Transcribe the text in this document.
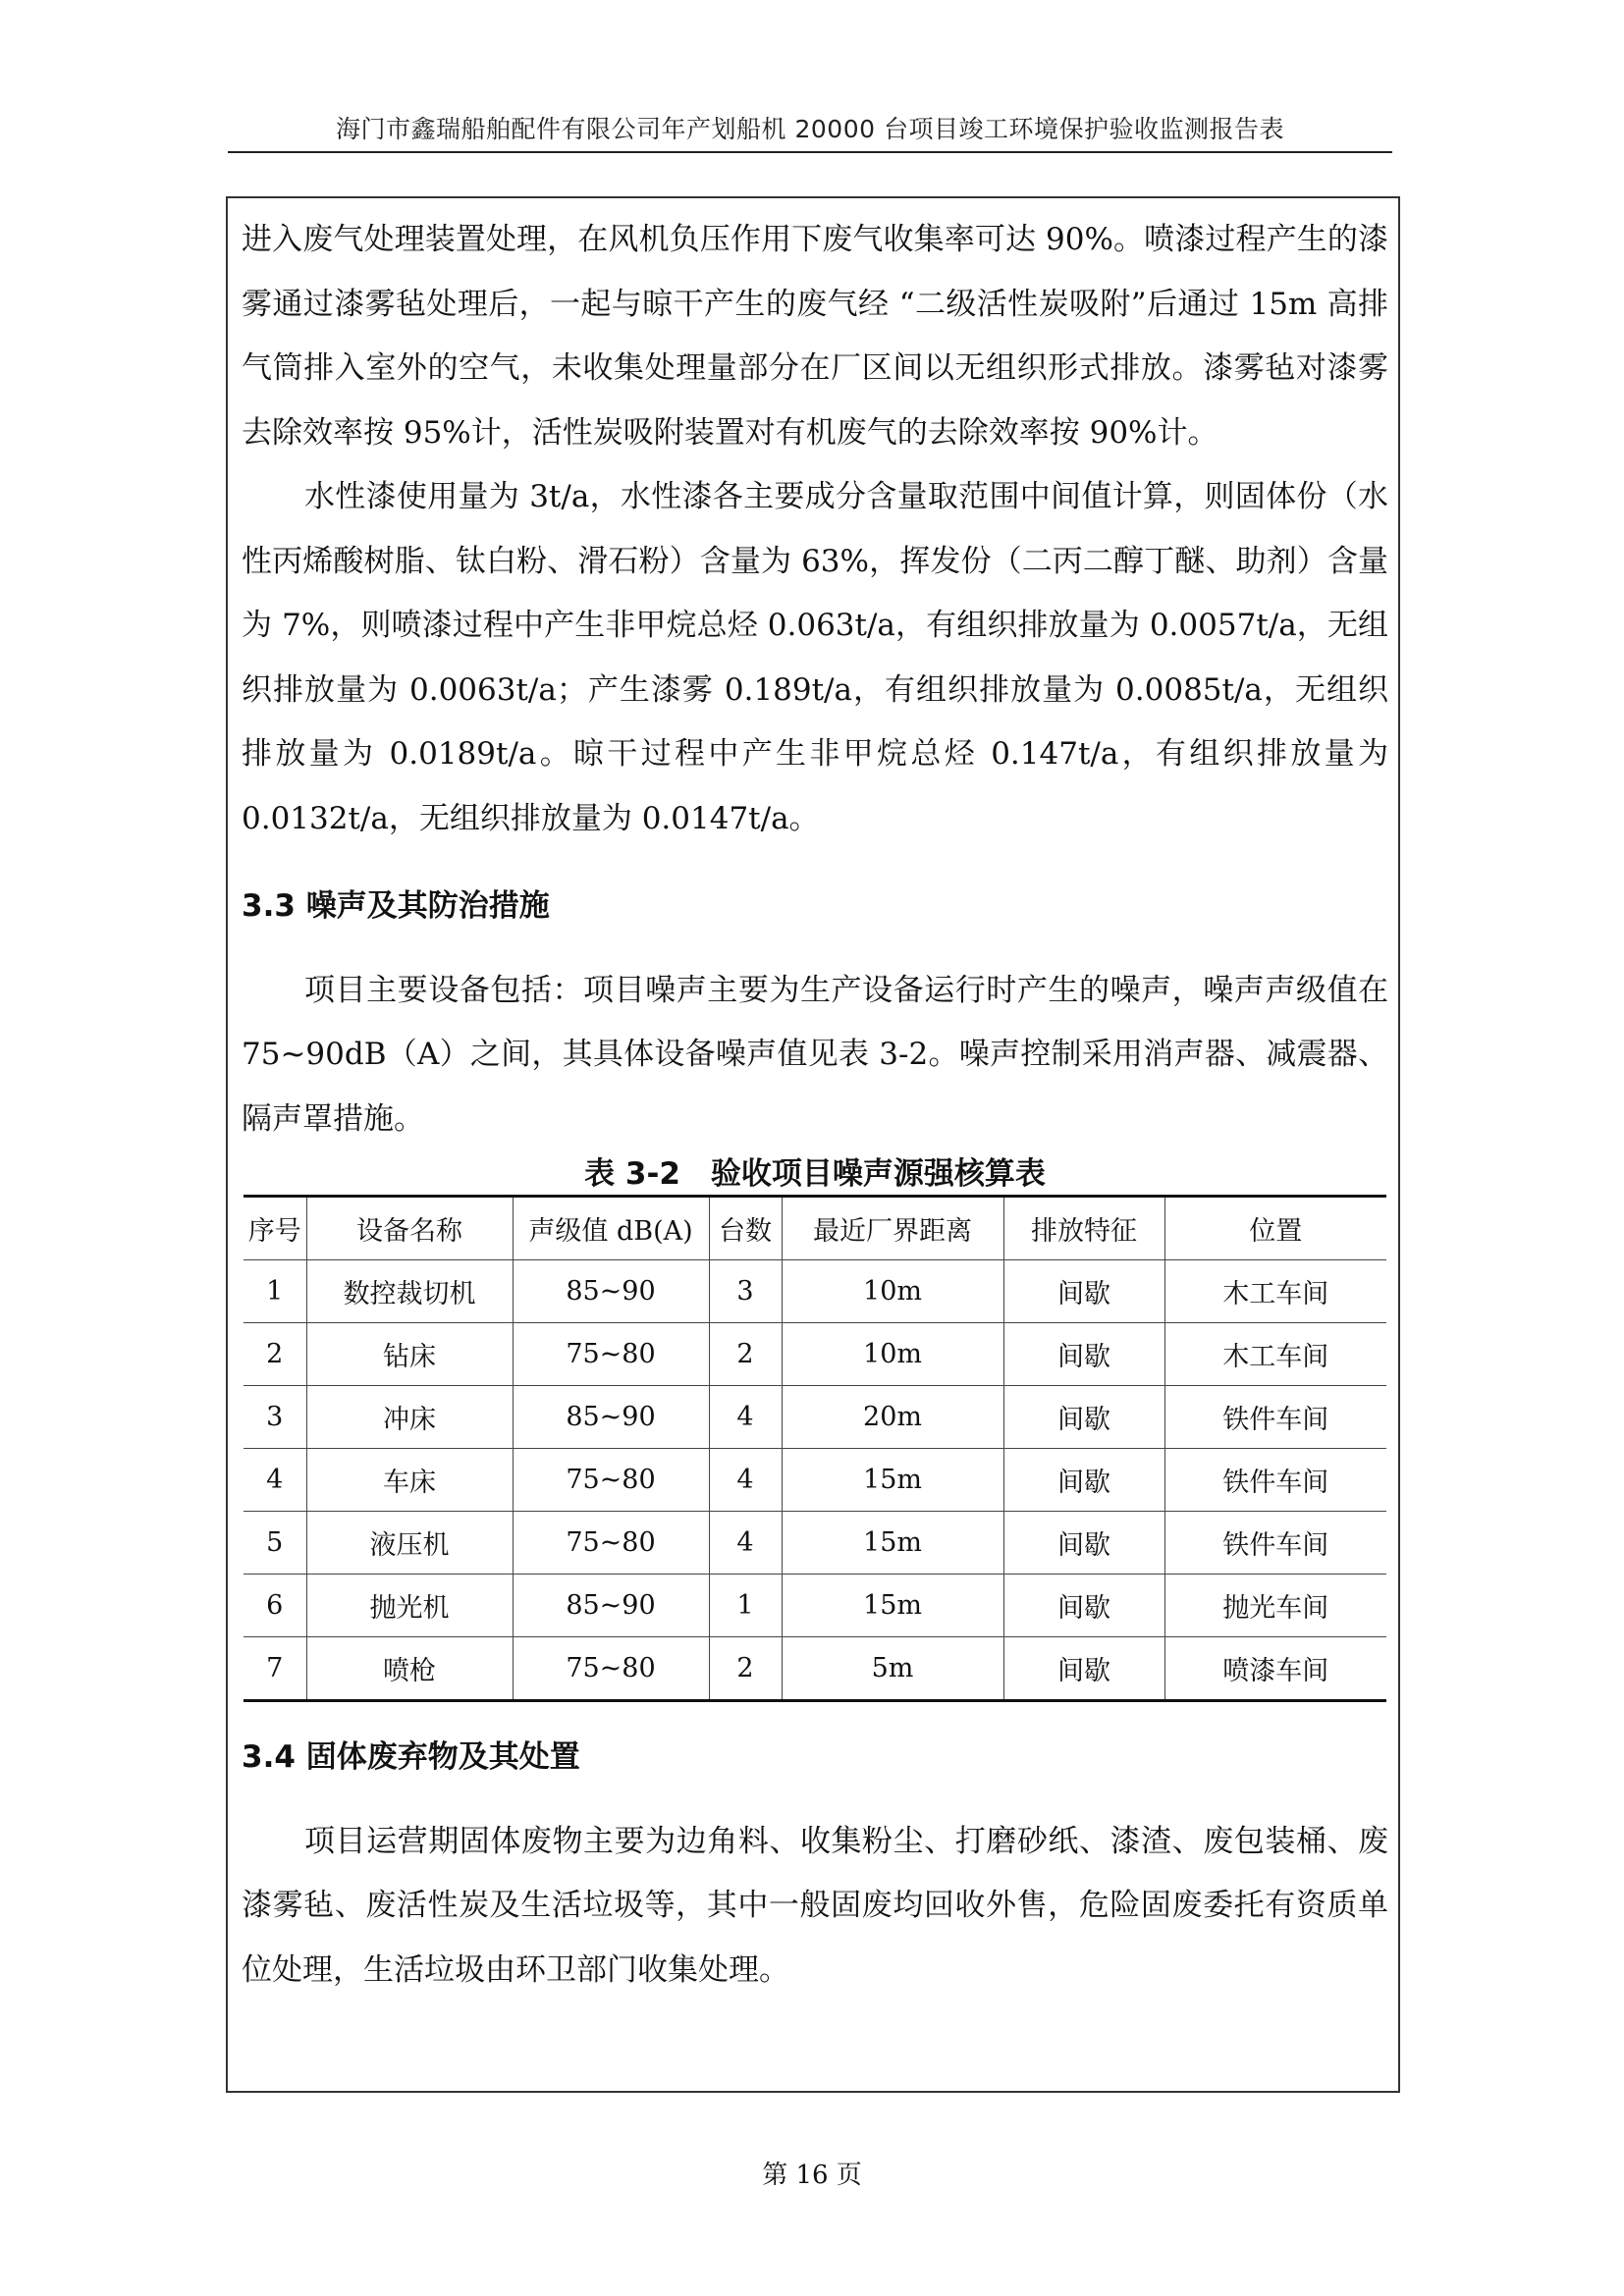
海门市鑫瑞船舶配件有限公司年产划船机 20000 台项目竣工环境保护验收监测报告表

进入废气处理装置处理，在风机负压作用下废气收集率可达 90%。喷漆过程产生的漆雾通过漆雾毡处理后，一起与晾干产生的废气经 “二级活性炭吸附”后通过 15m 高排气筒排入室外的空气，未收集处理量部分在厂区间以无组织形式排放。漆雾毡对漆雾去除效率按 95%计，活性炭吸附装置对有机废气的去除效率按 90%计。

水性漆使用量为 3t/a，水性漆各主要成分含量取范围中间值计算，则固体份（水性丙烯酸树脂、钛白粉、滑石粉）含量为 63%，挥发份（二丙二醇丁醚、助剂）含量为 7%，则喷漆过程中产生非甲烷总烃 0.063t/a，有组织排放量为 0.0057t/a，无组织排放量为 0.0063t/a；产生漆雾 0.189t/a，有组织排放量为 0.0085t/a，无组织排放量为 0.0189t/a。晾干过程中产生非甲烷总烃 0.147t/a，有组织排放量为 0.0132t/a，无组织排放量为 0.0147t/a。

3.3 噪声及其防治措施

项目主要设备包括：项目噪声主要为生产设备运行时产生的噪声，噪声声级值在 75~90dB（A）之间，其具体设备噪声值见表 3-2。噪声控制采用消声器、减震器、隔声罩措施。

表 3-2　验收项目噪声源强核算表
序号	设备名称	声级值 dB(A)	台数	最近厂界距离	排放特征	位置
1	数控裁切机	85~90	3	10m	间歇	木工车间
2	钻床	75~80	2	10m	间歇	木工车间
3	冲床	85~90	4	20m	间歇	铁件车间
4	车床	75~80	4	15m	间歇	铁件车间
5	液压机	75~80	4	15m	间歇	铁件车间
6	抛光机	85~90	1	15m	间歇	抛光车间
7	喷枪	75~80	2	5m	间歇	喷漆车间
3.4 固体废弃物及其处置

项目运营期固体废物主要为边角料、收集粉尘、打磨砂纸、漆渣、废包装桶、废漆雾毡、废活性炭及生活垃圾等，其中一般固废均回收外售，危险固废委托有资质单位处理，生活垃圾由环卫部门收集处理。

第 16 页
